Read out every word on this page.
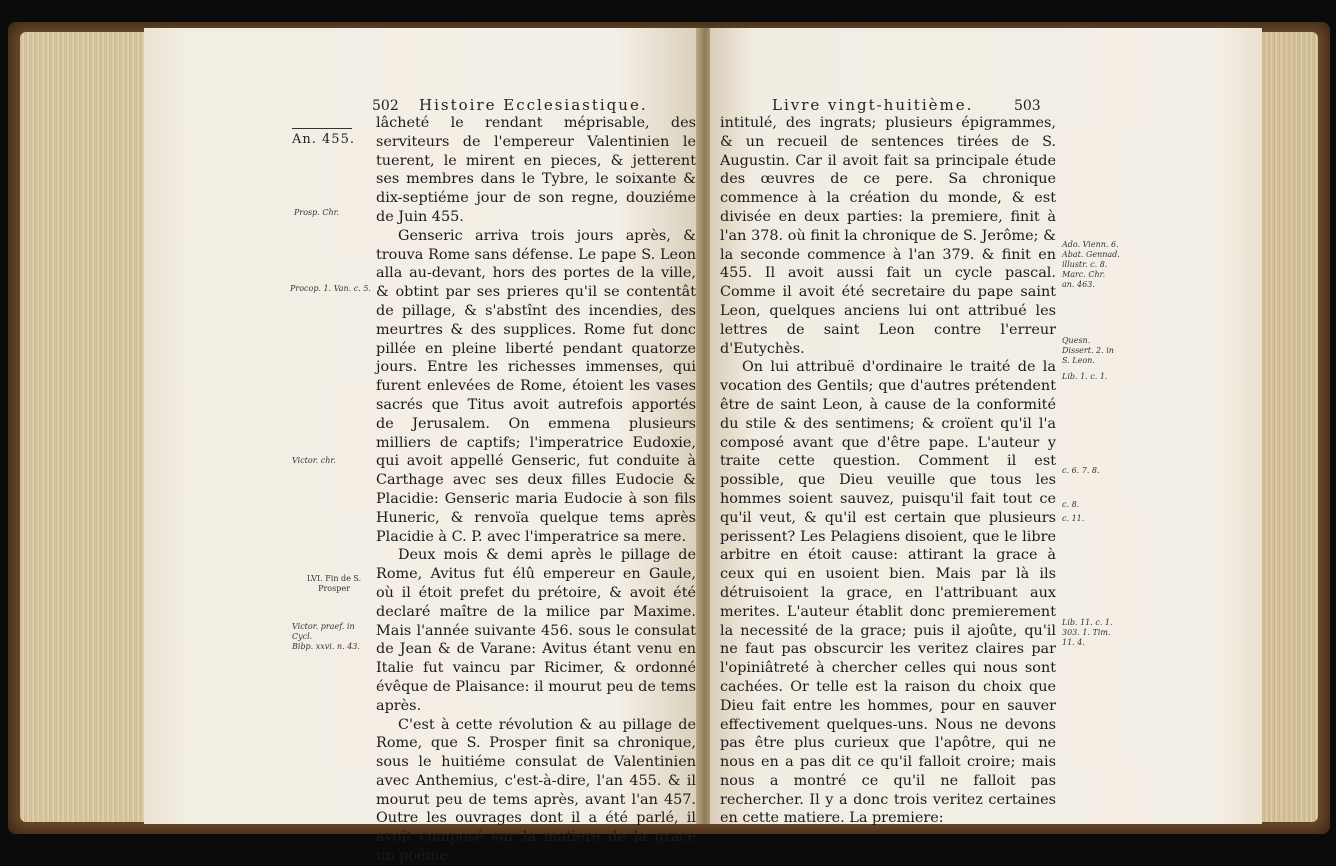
502 Histoire Ecclesiastique.
An. 455.
Prosp. Chr.
Procop. 1. Van. c. 5.
Victor. chr.
LVI. Fin de S. Prosper
Victor. praef. in Cycl.
Bibp. xxvi. n. 43.

lâcheté le rendant méprisable, des serviteurs de l'empereur Valentinien le tuerent, le mirent en pieces, & jetterent ses membres dans le Tybre, le soixante & dix-septiéme jour de son regne, douziéme de Juin 455.

Genseric arriva trois jours après, & trouva Rome sans défense. Le pape S. Leon alla au-devant, hors des portes de la ville, & obtint par ses prieres qu'il se contentât de pillage, & s'abstînt des incendies, des meurtres & des supplices. Rome fut donc pillée en pleine liberté pendant quatorze jours. Entre les richesses immenses, qui furent enlevées de Rome, étoient les vases sacrés que Titus avoit autrefois apportés de Jerusalem. On emmena plusieurs milliers de captifs; l'imperatrice Eudoxie, qui avoit appellé Genseric, fut conduite à Carthage avec ses deux filles Eudocie & Placidie: Genseric maria Eudocie à son fils Huneric, & renvoïa quelque tems après Placidie à C. P. avec l'imperatrice sa mere.

Deux mois & demi après le pillage de Rome, Avitus fut élû empereur en Gaule, où il étoit prefet du prétoire, & avoit été declaré maître de la milice par Maxime. Mais l'année suivante 456. sous le consulat de Jean & de Varane: Avitus étant venu en Italie fut vaincu par Ricimer, & ordonné évêque de Plaisance: il mourut peu de tems après.

C'est à cette révolution & au pillage de Rome, que S. Prosper finit sa chronique, sous le huitiéme consulat de Valentinien avec Anthemius, c'est-à-dire, l'an 455. & il mourut peu de tems après, avant l'an 457. Outre les ouvrages dont il a été parlé, il avoit composé sur la matiere de la grace un poëme

Livre vingt-huitième.	503

intitulé, des ingrats; plusieurs épigrammes, & un recueil de sentences tirées de S. Augustin. Car il avoit fait sa principale étude des œuvres de ce pere. Sa chronique commence à la création du monde, & est divisée en deux parties: la premiere, finit à l'an 378. où finit la chronique de S. Jerôme; & la seconde commence à l'an 379. & finit en 455. Il avoit aussi fait un cycle pascal. Comme il avoit été secretaire du pape saint Leon, quelques anciens lui ont attribué les lettres de saint Leon contre l'erreur d'Eutychès.

On lui attribuë d'ordinaire le traité de la vocation des Gentils; que d'autres prétendent être de saint Leon, à cause de la conformité du stile & des sentimens; & croïent qu'il l'a composé avant que d'être pape. L'auteur y traite cette question. Comment il est possible, que Dieu veuille que tous les hommes soient sauvez, puisqu'il fait tout ce qu'il veut, & qu'il est certain que plusieurs perissent? Les Pelagiens disoient, que le libre arbitre en étoit cause: attirant la grace à ceux qui en usoient bien. Mais par là ils détruisoient la grace, en l'attribuant aux merites. L'auteur établit donc premierement la necessité de la grace; puis il ajoûte, qu'il ne faut pas obscurcir les veritez claires par l'opiniâtreté à chercher celles qui nous sont cachées. Or telle est la raison du choix que Dieu fait entre les hommes, pour en sauver effectivement quelques-uns. Nous ne devons pas être plus curieux que l'apôtre, qui ne nous en a pas dit ce qu'il falloit croire; mais nous a montré ce qu'il ne falloit pas rechercher. Il y a donc trois veritez certaines en cette matiere. La premiere:

Ado. Vienn. 6. Abat. Gennad. illustr. c. 8. Marc. Chr. an. 463.
Quesn. Dissert. 2. in S. Leon.
Lib. 1. c. 1.
c. 6. 7. 8.
c. 8.
c. 11.
Lib. 11. c. 1. 303. 1. Tim. 11. 4.
